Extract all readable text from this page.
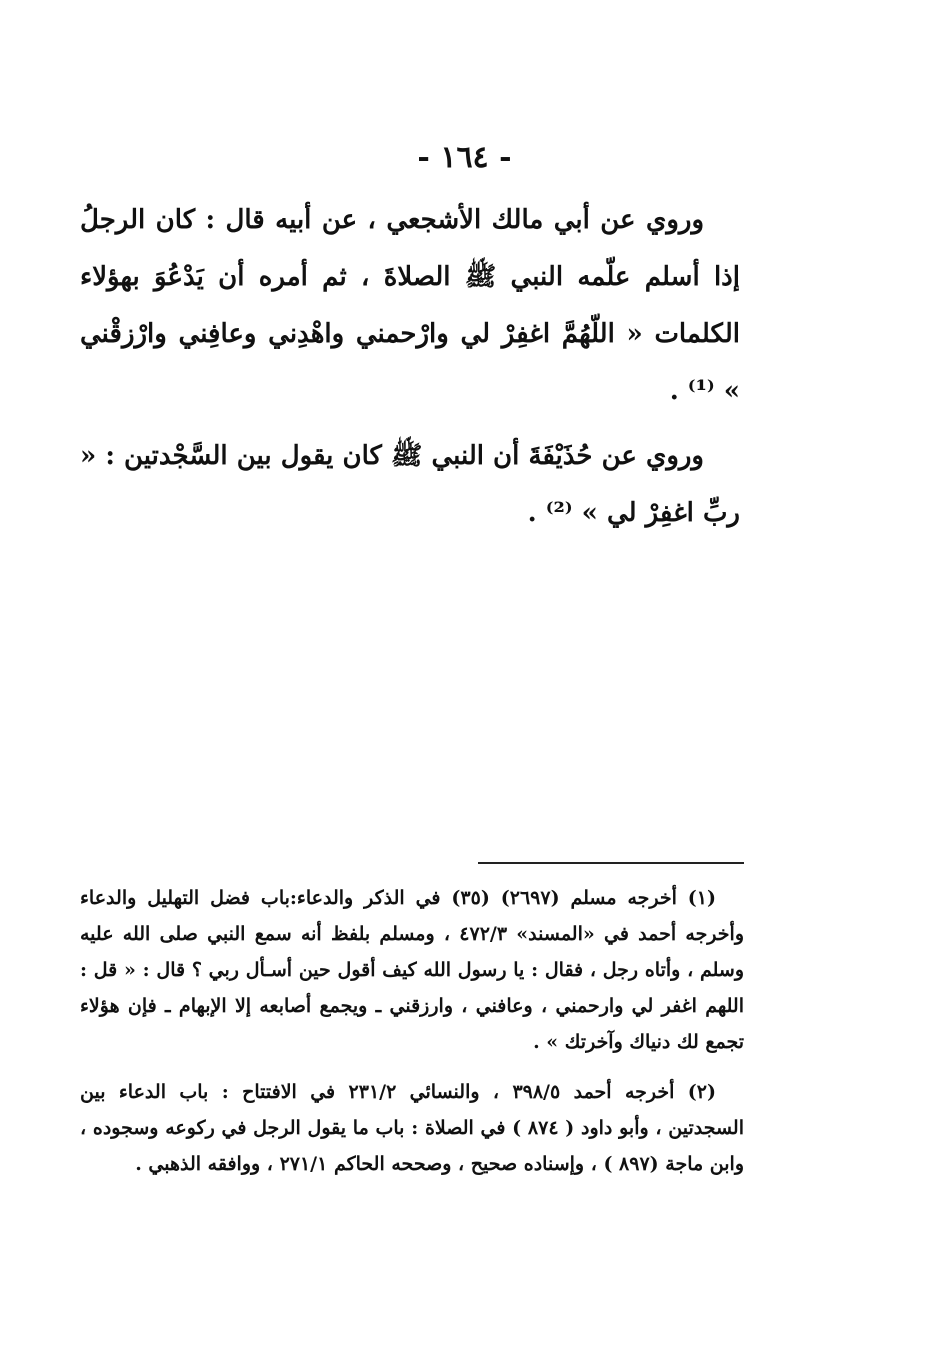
- ١٦٤ -

وروي عن أبي مالك الأشجعي ، عن أبيه قال : كان الرجلُ إذا أسلم علّمه النبي ﷺ الصلاةَ ، ثم أمره أن يَدْعُوَ بهؤلاء الكلمات « اللّهُمَّ اغفِرْ لي وارْحمني واهْدِني وعافِني وارْزقْني » ⁽¹⁾ .

وروي عن حُذَيْفَةَ أن النبي ﷺ كان يقول بين السَّجْدتين : « ربِّ اغفِرْ لي » ⁽²⁾ .

(١) أخرجه مسلم (٢٦٩٧) (٣٥) في الذكر والدعاء:باب فضل التهليل والدعاء وأخرجه أحمد في «المسند» ٤٧٢/٣ ، ومسلم بلفظ أنه سمع النبي صلى الله عليه وسلم ، وأتاه رجل ، فقال : يا رسول الله كيف أقول حين أسـأل ربي ؟ قال : « قل : اللهم اغفر لي وارحمني ، وعافني ، وارزقني ـ ويجمع أصابعه إلا الإبهام ـ فإن هؤلاء تجمع لك دنياك وآخرتك » .

(٢) أخرجه أحمد ٣٩٨/٥ ، والنسائي ٢٣١/٢ في الافتتاح : باب الدعاء بين السجدتين ، وأبو داود ( ٨٧٤ ) في الصلاة : باب ما يقول الرجل في ركوعه وسجوده ، وابن ماجة (٨٩٧ ) ، وإسناده صحيح ، وصححه الحاكم ٢٧١/١ ، ووافقه الذهبي .
